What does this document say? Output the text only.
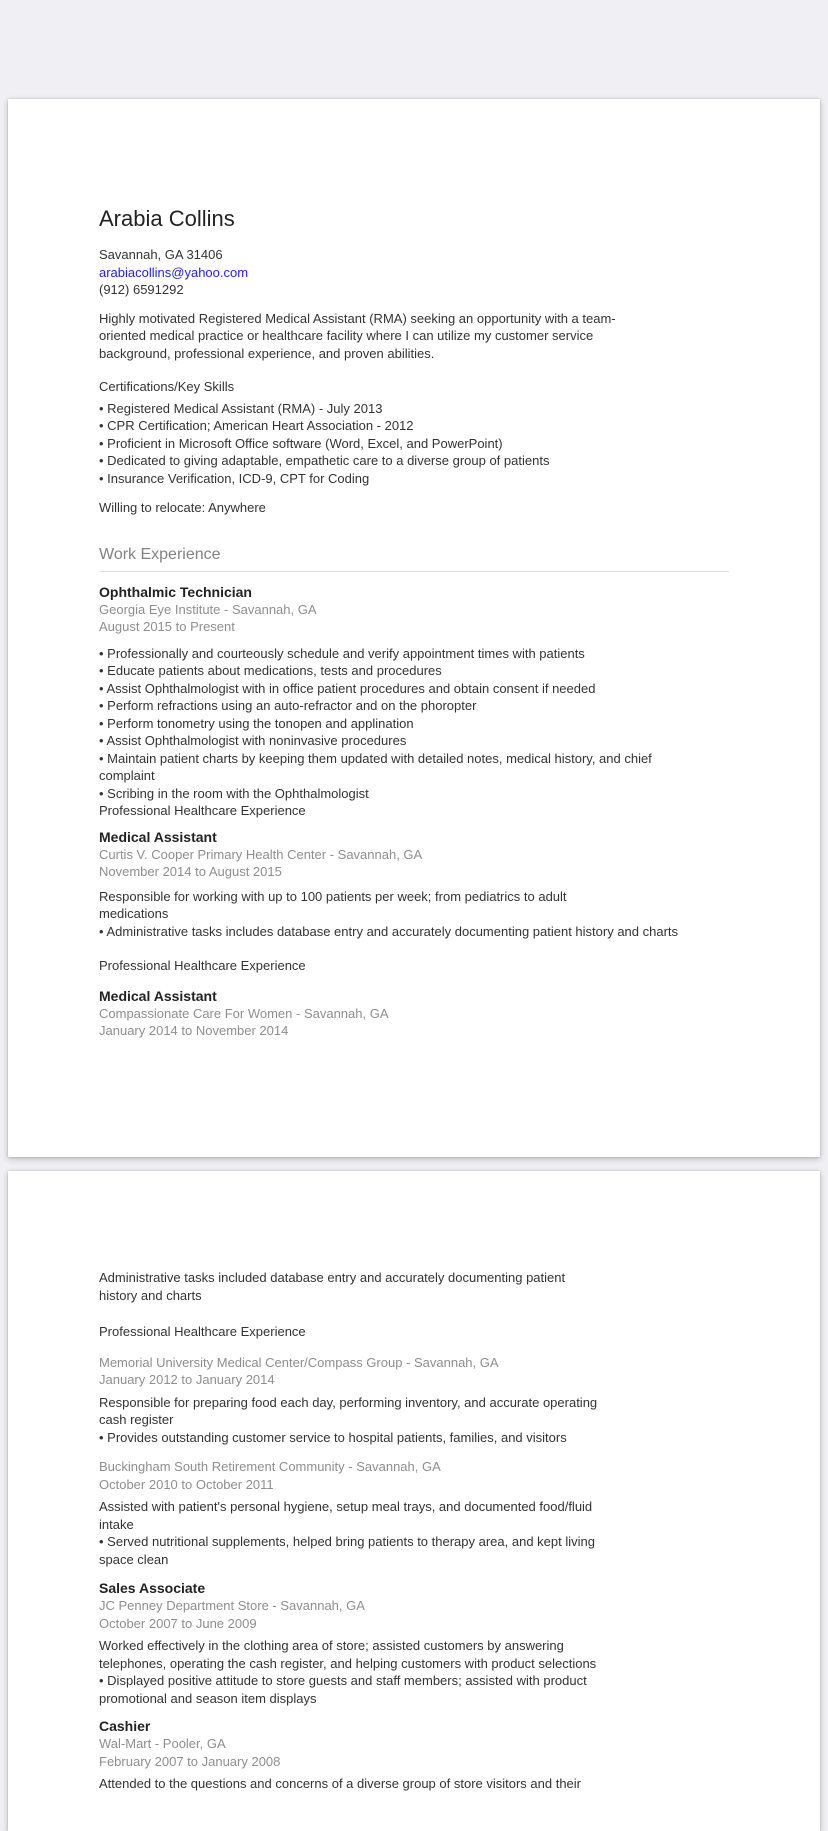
Arabia Collins
Savannah, GA 31406
arabiacollins@yahoo.com
(912) 6591292
Highly motivated Registered Medical Assistant (RMA) seeking an opportunity with a team-
oriented medical practice or healthcare facility where I can utilize my customer service
background, professional experience, and proven abilities.
Certifications/Key Skills
• Registered Medical Assistant (RMA) - July 2013
• CPR Certification; American Heart Association - 2012
• Proficient in Microsoft Office software (Word, Excel, and PowerPoint)
• Dedicated to giving adaptable, empathetic care to a diverse group of patients
• Insurance Verification, ICD-9, CPT for Coding
Willing to relocate: Anywhere
Work Experience
Ophthalmic Technician
Georgia Eye Institute - Savannah, GA
August 2015 to Present
• Professionally and courteously schedule and verify appointment times with patients
• Educate patients about medications, tests and procedures
• Assist Ophthalmologist with in office patient procedures and obtain consent if needed
• Perform refractions using an auto-refractor and on the phoropter
• Perform tonometry using the tonopen and applination
• Assist Ophthalmologist with noninvasive procedures
• Maintain patient charts by keeping them updated with detailed notes, medical history, and chief
complaint
• Scribing in the room with the Ophthalmologist
Professional Healthcare Experience
Medical Assistant
Curtis V. Cooper Primary Health Center - Savannah, GA
November 2014 to August 2015
Responsible for working with up to 100 patients per week; from pediatrics to adult
medications
• Administrative tasks includes database entry and accurately documenting patient history and charts
Professional Healthcare Experience
Medical Assistant
Compassionate Care For Women - Savannah, GA
January 2014 to November 2014
Administrative tasks included database entry and accurately documenting patient
history and charts
Professional Healthcare Experience
Memorial University Medical Center/Compass Group - Savannah, GA
January 2012 to January 2014
Responsible for preparing food each day, performing inventory, and accurate operating
cash register
• Provides outstanding customer service to hospital patients, families, and visitors
Buckingham South Retirement Community - Savannah, GA
October 2010 to October 2011
Assisted with patient's personal hygiene, setup meal trays, and documented food/fluid
intake
• Served nutritional supplements, helped bring patients to therapy area, and kept living
space clean
Sales Associate
JC Penney Department Store - Savannah, GA
October 2007 to June 2009
Worked effectively in the clothing area of store; assisted customers by answering
telephones, operating the cash register, and helping customers with product selections
• Displayed positive attitude to store guests and staff members; assisted with product
promotional and season item displays
Cashier
Wal-Mart - Pooler, GA
February 2007 to January 2008
Attended to the questions and concerns of a diverse group of store visitors and their
